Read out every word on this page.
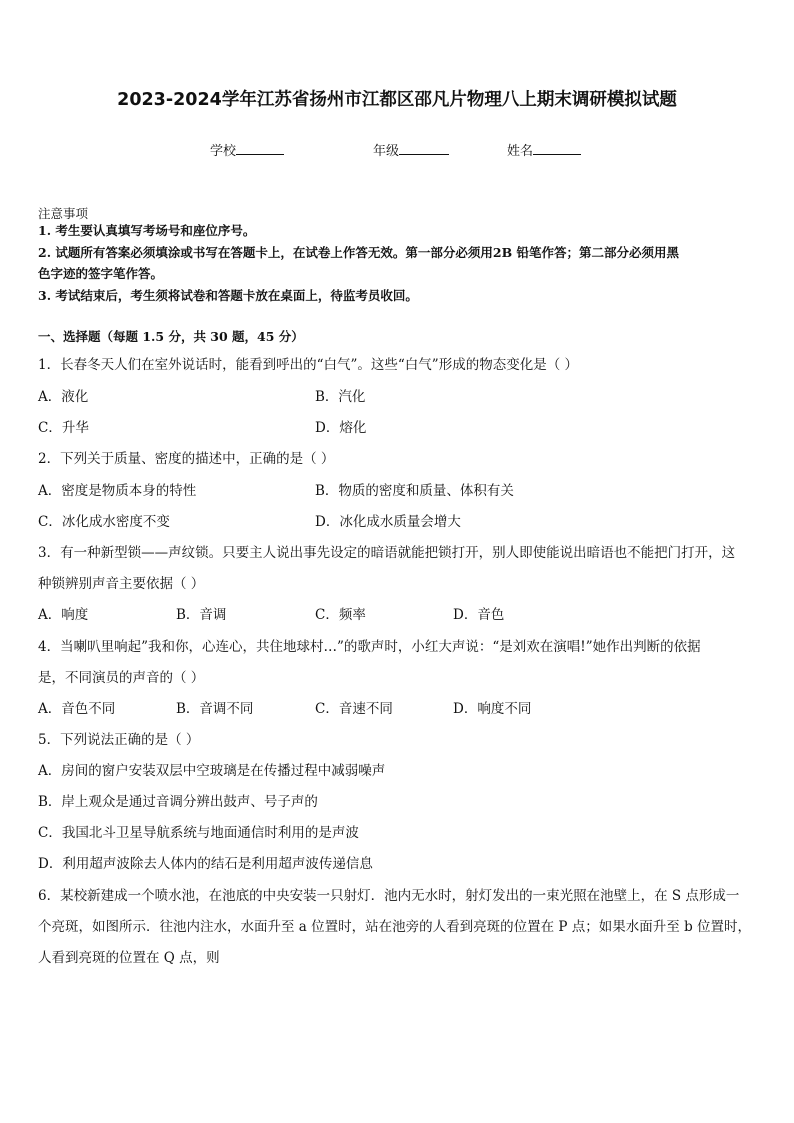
2023-2024学年江苏省扬州市江都区邵凡片物理八上期末调研模拟试题
学校	年级	姓名
注意事项
1. 考生要认真填写考场号和座位序号。
2. 试题所有答案必须填涂或书写在答题卡上，在试卷上作答无效。第一部分必须用2B 铅笔作答；第二部分必须用黑
色字迹的签字笔作答。
3. 考试结束后，考生须将试卷和答题卡放在桌面上，待监考员收回。
一、选择题（每题 1.5 分，共 30 题，45 分）
1．长春冬天人们在室外说话时，能看到呼出的“白气”。这些“白气”形成的物态变化是（ ）
A．液化	B．汽化
C．升华	D．熔化
2．下列关于质量、密度的描述中，正确的是（ ）
A．密度是物质本身的特性	B．物质的密度和质量、体积有关
C．冰化成水密度不变	D．冰化成水质量会增大
3．有一种新型锁——声纹锁。只要主人说出事先设定的暗语就能把锁打开，别人即使能说出暗语也不能把门打开，这
种锁辨别声音主要依据（ ）
A．响度	B．音调	C．频率	D．音色
4．当喇叭里响起”我和你，心连心，共住地球村…”的歌声时，小红大声说：“是刘欢在演唱!”她作出判断的依据
是，不同演员的声音的（ ）
A．音色不同	B．音调不同	C．音速不同	D．响度不同
5．下列说法正确的是（ ）
A．房间的窗户安装双层中空玻璃是在传播过程中减弱噪声
B．岸上观众是通过音调分辨出鼓声、号子声的
C．我国北斗卫星导航系统与地面通信时利用的是声波
D．利用超声波除去人体内的结石是利用超声波传递信息
6．某校新建成一个喷水池，在池底的中央安装一只射灯．池内无水时，射灯发出的一束光照在池壁上，在 S 点形成一
个亮斑，如图所示．往池内注水，水面升至 a 位置时，站在池旁的人看到亮斑的位置在 P 点；如果水面升至 b 位置时，
人看到亮斑的位置在 Q 点，则
